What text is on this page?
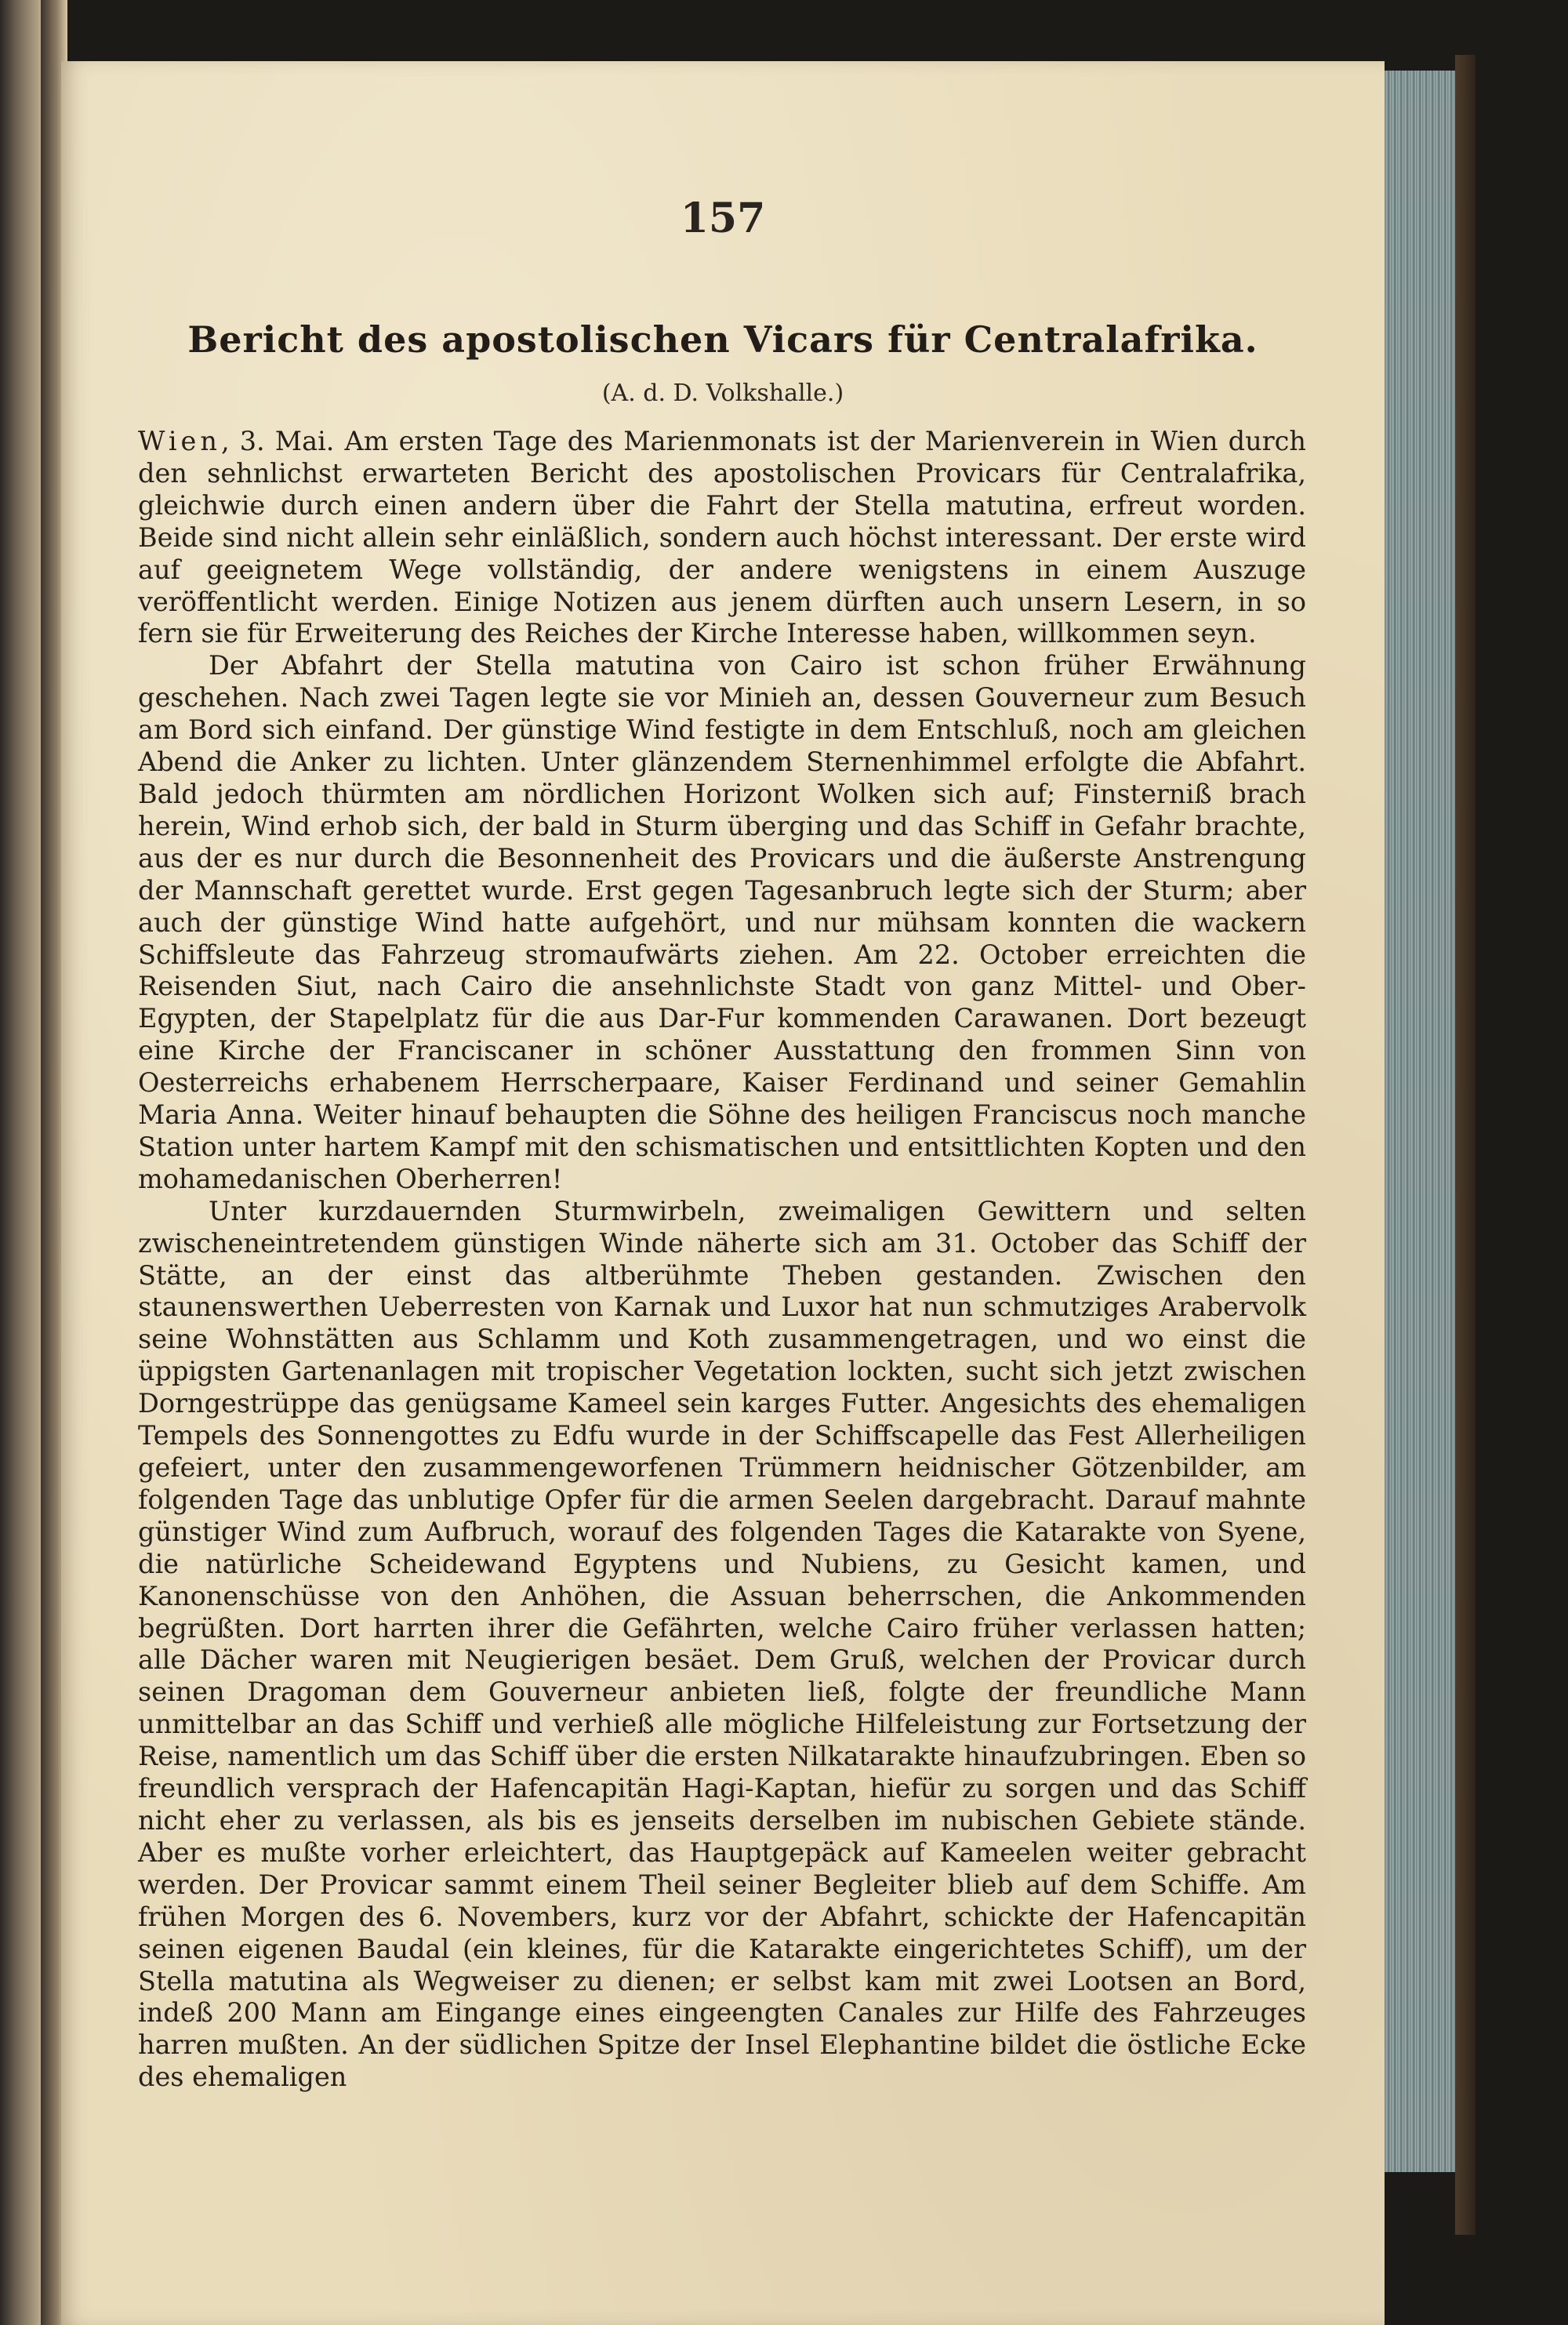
157
Bericht des apostolischen Vicars für Centralafrika.
(A. d. D. Volkshalle.)

Wien, 3. Mai. Am ersten Tage des Marienmonats ist der Marienverein in Wien durch den sehnlichst erwarteten Bericht des apostolischen Provicars für Centralafrika, gleichwie durch einen andern über die Fahrt der Stella matutina, erfreut worden. Beide sind nicht allein sehr einläßlich, sondern auch höchst interessant. Der erste wird auf geeignetem Wege vollständig, der andere wenigstens in einem Auszuge veröffentlicht werden. Einige Notizen aus jenem dürften auch unsern Lesern, in so fern sie für Erweiterung des Reiches der Kirche Interesse haben, willkommen seyn.

Der Abfahrt der Stella matutina von Cairo ist schon früher Erwähnung geschehen. Nach zwei Tagen legte sie vor Minieh an, dessen Gouverneur zum Besuch am Bord sich einfand. Der günstige Wind festigte in dem Entschluß, noch am gleichen Abend die Anker zu lichten. Unter glänzendem Sternenhimmel erfolgte die Abfahrt. Bald jedoch thürmten am nördlichen Horizont Wolken sich auf; Finsterniß brach herein, Wind erhob sich, der bald in Sturm überging und das Schiff in Gefahr brachte, aus der es nur durch die Besonnenheit des Provicars und die äußerste Anstrengung der Mannschaft gerettet wurde. Erst gegen Tagesanbruch legte sich der Sturm; aber auch der günstige Wind hatte aufgehört, und nur mühsam konnten die wackern Schiffsleute das Fahrzeug stromaufwärts ziehen. Am 22. October erreichten die Reisenden Siut, nach Cairo die ansehnlichste Stadt von ganz Mittel- und Ober-Egypten, der Stapelplatz für die aus Dar-Fur kommenden Carawanen. Dort bezeugt eine Kirche der Franciscaner in schöner Ausstattung den frommen Sinn von Oesterreichs erhabenem Herrscherpaare, Kaiser Ferdinand und seiner Gemahlin Maria Anna. Weiter hinauf behaupten die Söhne des heiligen Franciscus noch manche Station unter hartem Kampf mit den schismatischen und entsittlichten Kopten und den mohamedanischen Oberherren!

Unter kurzdauernden Sturmwirbeln, zweimaligen Gewittern und selten zwischeneintretendem günstigen Winde näherte sich am 31. October das Schiff der Stätte, an der einst das altberühmte Theben gestanden. Zwischen den staunenswerthen Ueberresten von Karnak und Luxor hat nun schmutziges Arabervolk seine Wohnstätten aus Schlamm und Koth zusammengetragen, und wo einst die üppigsten Gartenanlagen mit tropischer Vegetation lockten, sucht sich jetzt zwischen Dorngestrüppe das genügsame Kameel sein karges Futter. Angesichts des ehemaligen Tempels des Sonnengottes zu Edfu wurde in der Schiffscapelle das Fest Allerheiligen gefeiert, unter den zusammengeworfenen Trümmern heidnischer Götzenbilder, am folgenden Tage das unblutige Opfer für die armen Seelen dargebracht. Darauf mahnte günstiger Wind zum Aufbruch, worauf des folgenden Tages die Katarakte von Syene, die natürliche Scheidewand Egyptens und Nubiens, zu Gesicht kamen, und Kanonenschüsse von den Anhöhen, die Assuan beherrschen, die Ankommenden begrüßten. Dort harrten ihrer die Gefährten, welche Cairo früher verlassen hatten; alle Dächer waren mit Neugierigen besäet. Dem Gruß, welchen der Provicar durch seinen Dragoman dem Gouverneur anbieten ließ, folgte der freundliche Mann unmittelbar an das Schiff und verhieß alle mögliche Hilfeleistung zur Fortsetzung der Reise, namentlich um das Schiff über die ersten Nilkatarakte hinaufzubringen. Eben so freundlich versprach der Hafencapitän Hagi-Kaptan, hiefür zu sorgen und das Schiff nicht eher zu verlassen, als bis es jenseits derselben im nubischen Gebiete stände. Aber es mußte vorher erleichtert, das Hauptgepäck auf Kameelen weiter gebracht werden. Der Provicar sammt einem Theil seiner Begleiter blieb auf dem Schiffe. Am frühen Morgen des 6. Novembers, kurz vor der Abfahrt, schickte der Hafencapitän seinen eigenen Baudal (ein kleines, für die Katarakte eingerichtetes Schiff), um der Stella matutina als Wegweiser zu dienen; er selbst kam mit zwei Lootsen an Bord, indeß 200 Mann am Eingange eines eingeengten Canales zur Hilfe des Fahrzeuges harren mußten. An der südlichen Spitze der Insel Elephantine bildet die östliche Ecke des ehemaligen
